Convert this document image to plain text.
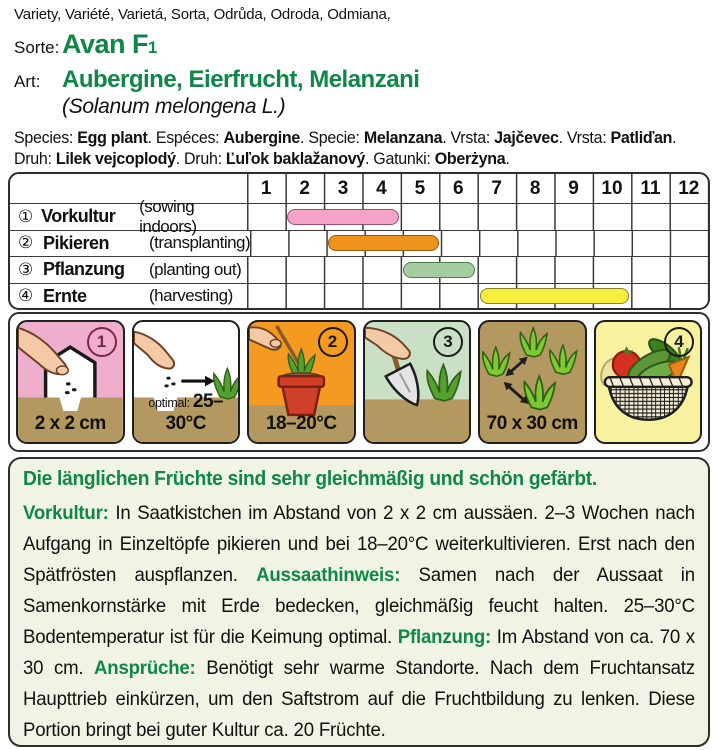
Variety, Variété, Varietá, Sorta, Odrůda, Odroda, Odmiana,
Sorte: Avan F1
Art: Aubergine, Eierfrucht, Melanzani
(Solanum melongena L.)
Species: Egg plant. Espéces: Aubergine. Specie: Melanzana. Vrsta: Jajčevec. Vrsta: Patliďan.
Druh: Lilek vejcoplodý. Druh: Ľuľok baklažanový. Gatunki: Oberżyna.
1 2 3 4 5 6 7 8 9 10 11 12
① Vorkultur	(sowing indoors)
② Pikieren	(transplanting)
③ Pflanzung	(planting out)
④ Ernte	(harvesting)
1
2 x 2 cm
optimal: 25–30°C
2
18–20°C
3
70 x 30 cm
4
Die länglichen Früchte sind sehr gleichmäßig und schön gefärbt.
Vorkultur: In Saatkistchen im Abstand von 2 x 2 cm aussäen. 2–3 Wochen nach Aufgang in Einzeltöpfe pikieren und bei 18–20°C weiterkultivieren. Erst nach den Spätfrösten auspflanzen. Aussaathinweis: Samen nach der Aussaat in Samenkornstärke mit Erde bedecken, gleichmäßig feucht halten. 25–30°C Bodentemperatur ist für die Keimung optimal. Pflanzung: Im Abstand von ca. 70 x 30 cm. Ansprüche: Benötigt sehr warme Standorte. Nach dem Fruchtansatz Haupttrieb einkürzen, um den Saftstrom auf die Fruchtbildung zu lenken. Diese Portion bringt bei guter Kultur ca. 20 Früchte.
